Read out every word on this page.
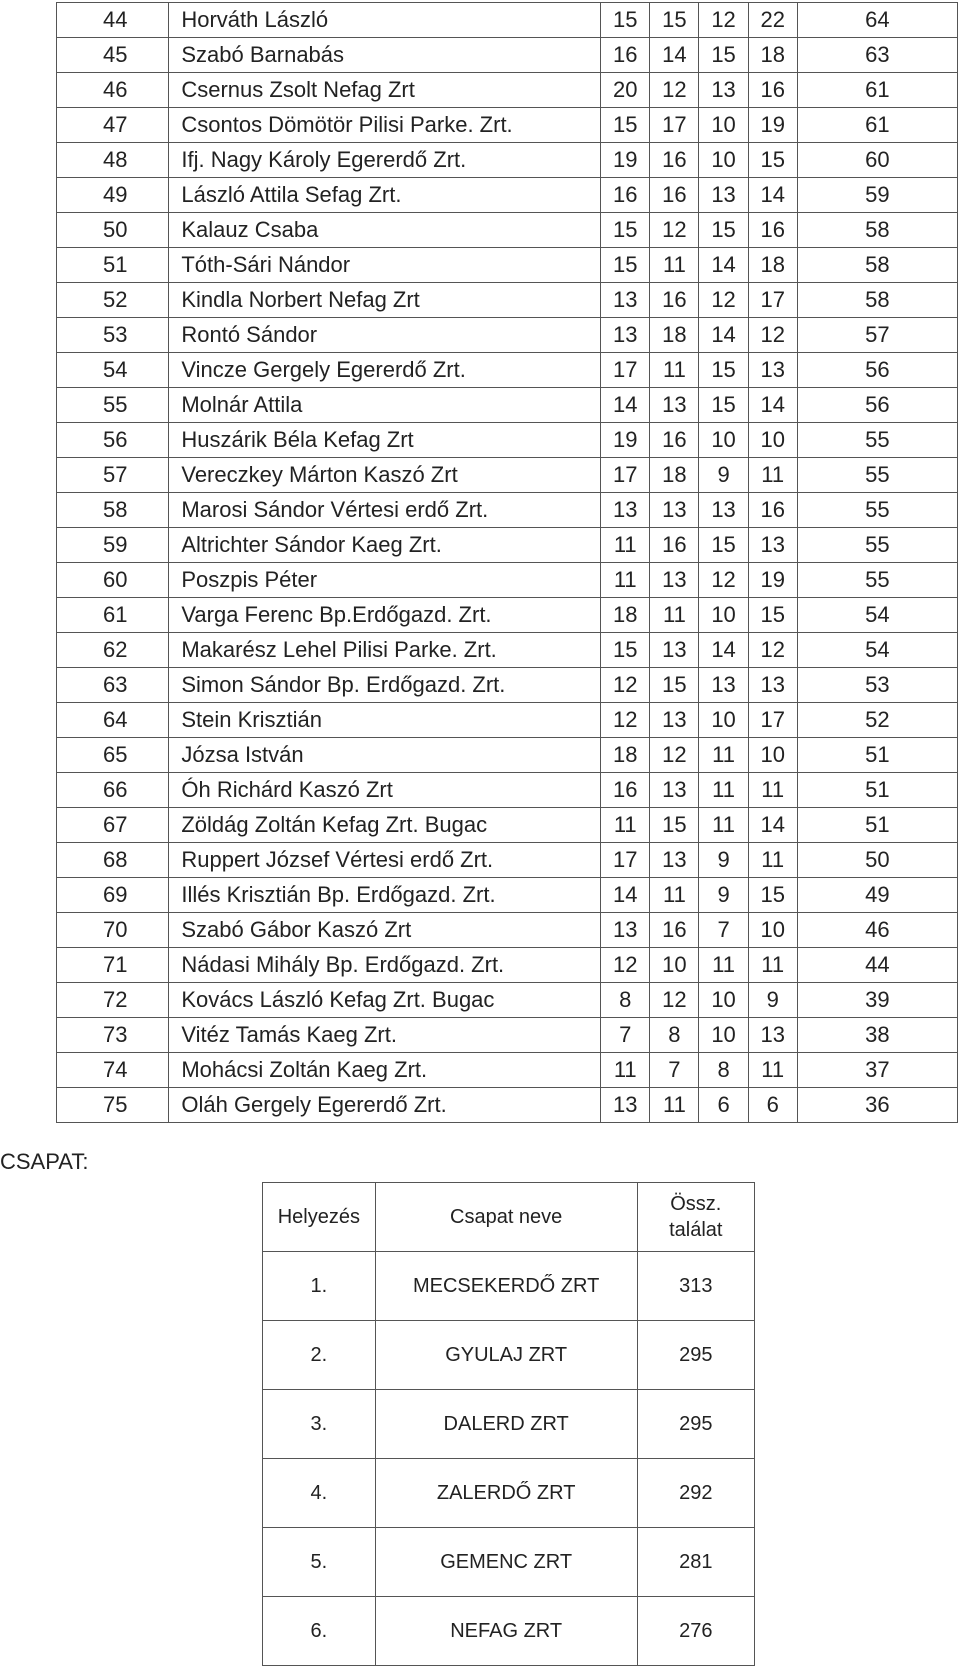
44	Horváth László	15	15	12	22	64
45	Szabó Barnabás	16	14	15	18	63
46	Csernus Zsolt Nefag Zrt	20	12	13	16	61
47	Csontos Dömötör Pilisi Parke. Zrt.	15	17	10	19	61
48	Ifj. Nagy Károly Egererdő Zrt.	19	16	10	15	60
49	László Attila Sefag Zrt.	16	16	13	14	59
50	Kalauz Csaba	15	12	15	16	58
51	Tóth-Sári Nándor	15	11	14	18	58
52	Kindla Norbert Nefag Zrt	13	16	12	17	58
53	Rontó Sándor	13	18	14	12	57
54	Vincze Gergely Egererdő Zrt.	17	11	15	13	56
55	Molnár Attila	14	13	15	14	56
56	Huszárik Béla Kefag Zrt	19	16	10	10	55
57	Vereczkey Márton Kaszó Zrt	17	18	9	11	55
58	Marosi Sándor Vértesi erdő Zrt.	13	13	13	16	55
59	Altrichter Sándor Kaeg Zrt.	11	16	15	13	55
60	Poszpis Péter	11	13	12	19	55
61	Varga Ferenc Bp.Erdőgazd. Zrt.	18	11	10	15	54
62	Makarész Lehel Pilisi Parke. Zrt.	15	13	14	12	54
63	Simon Sándor Bp. Erdőgazd. Zrt.	12	15	13	13	53
64	Stein Krisztián	12	13	10	17	52
65	Józsa István	18	12	11	10	51
66	Óh Richárd Kaszó Zrt	16	13	11	11	51
67	Zöldág Zoltán Kefag Zrt. Bugac	11	15	11	14	51
68	Ruppert József Vértesi erdő Zrt.	17	13	9	11	50
69	Illés Krisztián Bp. Erdőgazd. Zrt.	14	11	9	15	49
70	Szabó Gábor Kaszó Zrt	13	16	7	10	46
71	Nádasi Mihály Bp. Erdőgazd. Zrt.	12	10	11	11	44
72	Kovács László Kefag Zrt. Bugac	8	12	10	9	39
73	Vitéz Tamás Kaeg Zrt.	7	8	10	13	38
74	Mohácsi Zoltán Kaeg Zrt.	11	7	8	11	37
75	Oláh Gergely Egererdő Zrt.	13	11	6	6	36
CSAPAT:
Helyezés	Csapat neve	Össz.
találat
1.	MECSEKERDŐ ZRT	313
2.	GYULAJ ZRT	295
3.	DALERD ZRT	295
4.	ZALERDŐ ZRT	292
5.	GEMENC ZRT	281
6.	NEFAG ZRT	276
